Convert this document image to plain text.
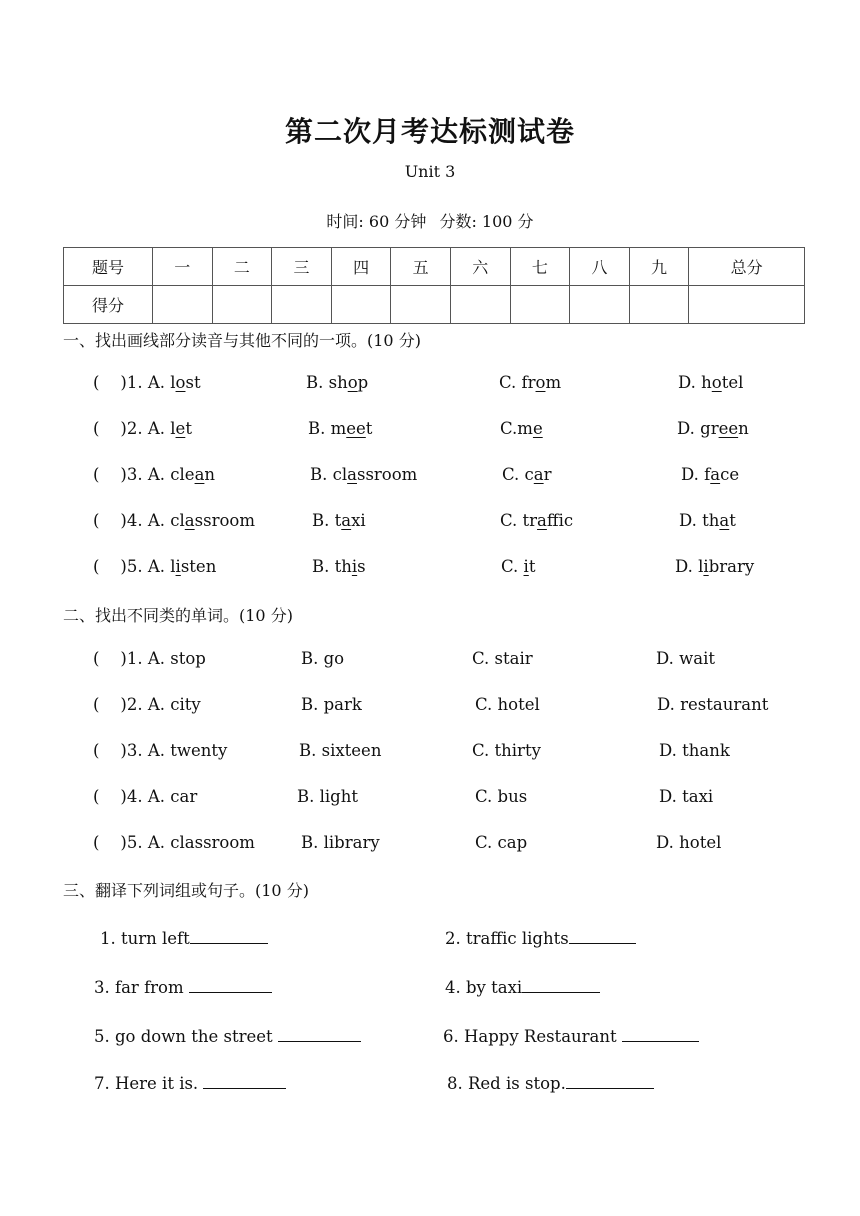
第二次月考达标测试卷
Unit 3
时间: 60 分钟 分数: 100 分
题号	一	二	三	四	五	六	七	八	九	总分
得分										
一、找出画线部分读音与其他不同的一项。(10 分)
(    )1. A. lost	B. shop	C. from	D. hotel
(    )2. A. let	B. meet	C.me	D. green
(    )3. A. clean	B. classroom	C. car	D. face
(    )4. A. classroom	B. taxi	C. traffic	D. that
(    )5. A. listen	B. this	C. it	D. library
二、找出不同类的单词。(10 分)
(    )1. A. stop	B. go	C. stair	D. wait
(    )2. A. city	B. park	C. hotel	D. restaurant
(    )3. A. twenty	B. sixteen	C. thirty	D. thank
(    )4. A. car	B. light	C. bus	D. taxi
(    )5. A. classroom	B. library	C. cap	D. hotel
三、翻译下列词组或句子。(10 分)
1. turn left	2. traffic lights
3. far from	4. by taxi
5. go down the street	6. Happy Restaurant
7. Here it is.	8. Red is stop.
